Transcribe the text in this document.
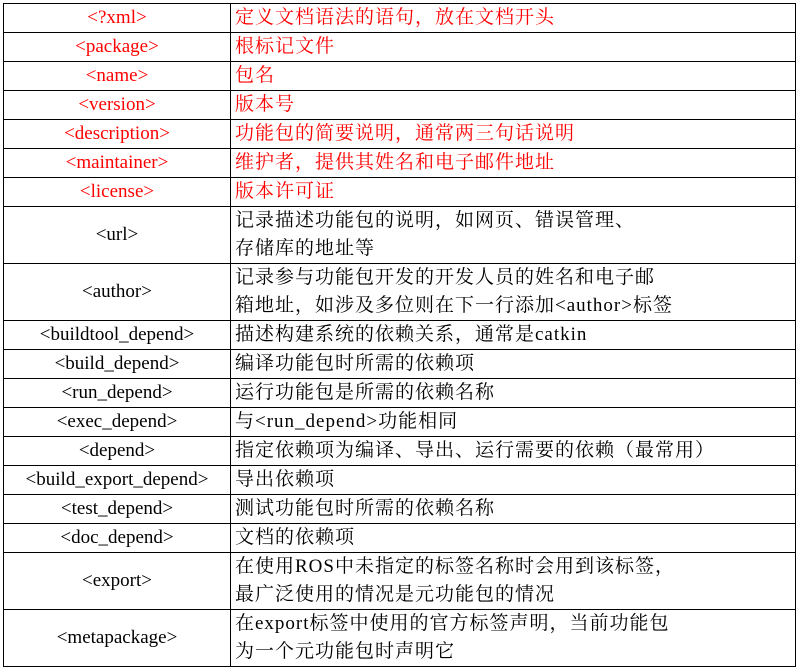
<?xml>	定义文档语法的语句，放在文档开头

<package>	根标记文件

<name>	包名

<version>	版本号

<description>	功能包的简要说明，通常两三句话说明

<maintainer>	维护者，提供其姓名和电子邮件地址

<license>	版本许可证

<url>	记录描述功能包的说明，如网页、错误管理、
存储库的地址等

<author>	记录参与功能包开发的开发人员的姓名和电子邮
箱地址，如涉及多位则在下一行添加<author>标签

<buildtool_depend>	描述构建系统的依赖关系，通常是catkin

<build_depend>	编译功能包时所需的依赖项

<run_depend>	运行功能包是所需的依赖名称

<exec_depend>	与<run_depend>功能相同

<depend>	指定依赖项为编译、导出、运行需要的依赖（最常用）

<build_export_depend>	导出依赖项

<test_depend>	测试功能包时所需的依赖名称

<doc_depend>	文档的依赖项

<export>	在使用ROS中未指定的标签名称时会用到该标签，
最广泛使用的情况是元功能包的情况

<metapackage>	在export标签中使用的官方标签声明，当前功能包
为一个元功能包时声明它
